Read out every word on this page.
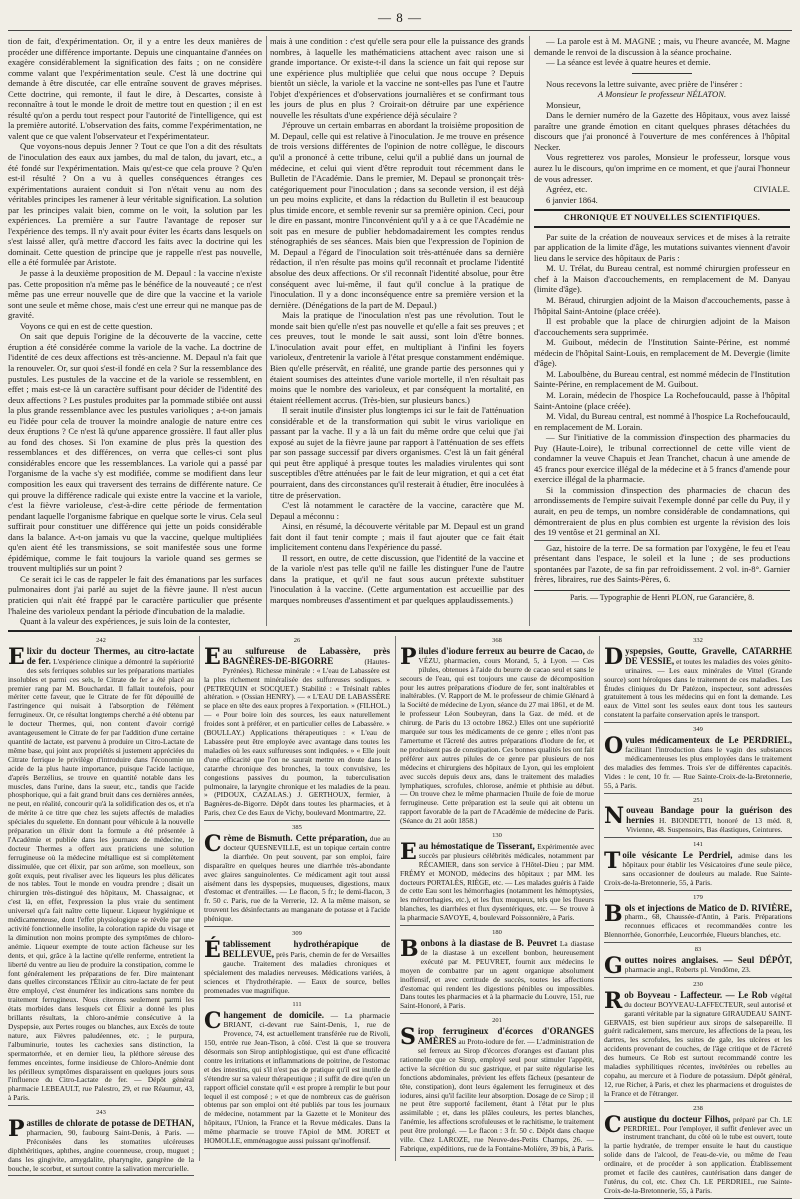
— 8 —

tion de fait, d'expérimentation. Or, il y a entre les deux manières de procéder une différence importante. Depuis une cinquantaine d'années on exagère considérablement la signification des faits ; on ne considère comme valant que l'expérimentation seule. C'est là une doctrine qui demande à être discutée, car elle entraîne souvent de graves méprises. Cette doctrine, qui remonte, il faut le dire, à Descartes, consiste à reconnaître à tout le monde le droit de mettre tout en question ; il en est résulté qu'on a perdu tout respect pour l'autorité de l'intelligence, qui est la première autorité. L'observation des faits, comme l'expérimentation, ne valent que ce que valent l'observateur et l'expérimentateur.

Que voyons-nous depuis Jenner ? Tout ce que l'on a dit des résultats de l'inoculation des eaux aux jambes, du mal de talon, du javart, etc., a été fondé sur l'expérimentation. Mais qu'est-ce que cela prouve ? Qu'en est-il résulté ? On a vu à quelles conséquences étranges ces expérimentations auraient conduit si l'on n'était venu au nom des véritables principes les ramener à leur véritable signification. La solution par les principes valait bien, comme on le voit, la solution par les expériences. La première a sur l'autre l'avantage de reposer sur l'expérience des temps. Il n'y avait pour éviter les écarts dans lesquels on s'est laissé aller, qu'à mettre d'accord les faits avec la doctrine qui les dominait. Cette question de principe que je rappelle n'est pas nouvelle, elle a été formulée par Aristote.

Je passe à la deuxième proposition de M. Depaul : la vaccine n'existe pas. Cette proposition n'a même pas le bénéfice de la nouveauté ; ce n'est même pas une erreur nouvelle que de dire que la vaccine et la variole sont une seule et même chose, mais c'est une erreur qui ne manque pas de gravité.

Voyons ce qui en est de cette question.

On sait que depuis l'origine de la découverte de la vaccine, cette éruption a été considérée comme la variole de la vache. La doctrine de l'identité de ces deux affections est très-ancienne. M. Depaul n'a fait que la renouveler. Or, sur quoi s'est-il fondé en cela ? Sur la ressemblance des pustules. Les pustules de la vaccine et de la variole se ressemblent, en effet ; mais est-ce là un caractère suffisant pour décider de l'identité des deux affections ? Les pustules produites par la pommade stibiée ont aussi la plus grande ressemblance avec les pustules varioliques ; a-t-on jamais eu l'idée pour cela de trouver la moindre analogie de nature entre ces deux éruptions ? Ce n'est là qu'une apparence grossière. Il faut aller plus au fond des choses. Si l'on examine de plus près la question des ressemblances et des différences, on verra que celles-ci sont plus considérables encore que les ressemblances. La variole qui a passé par l'organisme de la vache s'y est modifiée, comme se modifient dans leur composition les eaux qui traversent des terrains de différente nature. Ce qui prouve la différence radicale qui existe entre la vaccine et la variole, c'est la fièvre varioleuse, c'est-à-dire cette période de fermentation pendant laquelle l'organisme fabrique en quelque sorte le virus. Cela seul suffirait pour constituer une différence qui jette un poids considérable dans la balance. A-t-on jamais vu que la vaccine, quelque multipliées qu'en aient été les transmissions, se soit manifestée sous une forme épidémique, comme le fait toujours la variole quand ses germes se trouvent multipliés sur un point ?

Ce serait ici le cas de rappeler le fait des émanations par les surfaces pulmonaires dont j'ai parlé au sujet de la fièvre jaune. Il n'est aucun praticien qui n'ait été frappé par le caractère particulier que présente l'haleine des varioleux pendant la période d'incubation de la maladie.

Quant à la valeur des expériences, je suis loin de la contester,

mais à une condition : c'est qu'elle sera pour elle la puissance des grands nombres, à laquelle les mathématiciens attachent avec raison une si grande importance. Or existe-t-il dans la science un fait qui repose sur une expérience plus multipliée que celui que nous occupe ? Depuis bientôt un siècle, la variole et la vaccine ne sont-elles pas l'une et l'autre l'objet d'expériences et d'observations journalières et se confirmant tous les jours de plus en plus ? Croirait-on détruire par une expérience nouvelle les résultats d'une expérience déjà séculaire ?

J'éprouve un certain embarras en abordant la troisième proposition de M. Depaul, celle qui est relative à l'inoculation. Je me trouve en présence de trois versions différentes de l'opinion de notre collègue, le discours qu'il a prononcé à cette tribune, celui qu'il a publié dans un journal de médecine, et celui qui vient d'être reproduit tout récemment dans le Bulletin de l'Académie. Dans le premier, M. Depaul se prononçait très-catégoriquement pour l'inoculation ; dans sa seconde version, il est déjà un peu moins explicite, et dans la rédaction du Bulletin il est beaucoup plus timide encore, et semble revenir sur sa première opinion. Ceci, pour le dire en passant, montre l'inconvénient qu'il y a à ce que l'Académie ne soit pas en mesure de publier hebdomadairement les comptes rendus sténographiés de ses séances. Mais bien que l'expression de l'opinion de M. Depaul a l'égard de l'inoculation soit très-atténuée dans sa dernière rédaction, il n'en résulte pas moins qu'il reconnaît et proclame l'identité absolue des deux affections. Or s'il reconnaît l'identité absolue, pour être conséquent avec lui-même, il faut qu'il conclue à la pratique de l'inoculation. Il y a donc inconséquence entre sa première version et la dernière. (Dénégations de la part de M. Depaul.)

Mais la pratique de l'inoculation n'est pas une révolution. Tout le monde sait bien qu'elle n'est pas nouvelle et qu'elle a fait ses preuves ; et ces preuves, tout le monde le sait aussi, sont loin d'être bonnes. L'inoculation avait pour effet, en multipliant à l'infini les foyers varioleux, d'entretenir la variole à l'état presque constamment endémique. Bien qu'elle préservât, en réalité, une grande partie des personnes qui y étaient soumises des atteintes d'une variole mortelle, il n'en résultait pas moins que le nombre des varioleux, et par conséquent la mortalité, en étaient réellement accrus. (Très-bien, sur plusieurs bancs.)

Il serait inutile d'insister plus longtemps ici sur le fait de l'atténuation considérable et de la transformation qui subit le virus variolique en passant par la vache. Il y a là un fait du même ordre que celui que j'ai exposé au sujet de la fièvre jaune par rapport à l'atténuation de ses effets par son passage successif par divers organismes. C'est là un fait général qui peut être appliqué à presque toutes les maladies virulentes qui sont susceptibles d'être atténuées par le fait de leur migration, et qui a cet état pourraient, dans des circonstances qu'il resterait à étudier, être inoculées à titre de préservation.

C'est là notamment le caractère de la vaccine, caractère que M. Depaul a méconnu :

Ainsi, en résumé, la découverte véritable par M. Depaul est un grand fait dont il faut tenir compte ; mais il faut ajouter que ce fait était implicitement contenu dans l'expérience du passé.

Il ressort, en outre, de cette discussion, que l'identité de la vaccine et de la variole n'est pas telle qu'il ne faille les distinguer l'une de l'autre dans la pratique, et qu'il ne faut sous aucun prétexte substituer l'inoculation à la vaccine. (Cette argumentation est accueillie par des marques nombreuses d'assentiment et par quelques applaudissements.)

— La parole est à M. MAGNE ; mais, vu l'heure avancée, M. Magne demande le renvoi de la discussion à la séance prochaine.

— La séance est levée à quatre heures et demie.

Nous recevons la lettre suivante, avec prière de l'insérer :

A Monsieur le professeur NÉLATON.

Monsieur,

Dans le dernier numéro de la Gazette des Hôpitaux, vous avez laissé paraître une grande émotion en citant quelques phrases détachées du discours que j'ai prononcé à l'ouverture de mes conférences à l'hôpital Necker.

Vous regretterez vos paroles, Monsieur le professeur, lorsque vous aurez lu le discours, qu'on imprime en ce moment, et que j'aurai l'honneur de vous adresser.

Agréez, etc.	CIVIALE.

6 janvier 1864.

CHRONIQUE ET NOUVELLES SCIENTIFIQUES.

Par suite de la création de nouveaux services et de mises à la retraite par application de la limite d'âge, les mutations suivantes viennent d'avoir lieu dans le service des hôpitaux de Paris :

M. U. Trélat, du Bureau central, est nommé chirurgien professeur en chef à la Maison d'accouchements, en remplacement de M. Danyau (limite d'âge).

M. Béraud, chirurgien adjoint de la Maison d'accouchements, passe à l'hôpital Saint-Antoine (place créée).

Il est probable que la place de chirurgien adjoint de la Maison d'accouchements sera supprimée.

M. Guibout, médecin de l'Institution Sainte-Périne, est nommé médecin de l'hôpital Saint-Louis, en remplacement de M. Devergie (limite d'âge).

M. Laboulbène, du Bureau central, est nommé médecin de l'Institution Sainte-Périne, en remplacement de M. Guibout.

M. Lorain, médecin de l'hospice La Rochefoucauld, passe à l'hôpital Saint-Antoine (place créée).

M. Vidal, du Bureau central, est nommé à l'hospice La Rochefoucauld, en remplacement de M. Lorain.

— Sur l'initiative de la commission d'inspection des pharmacies du Puy (Haute-Loire), le tribunal correctionnel de cette ville vient de condamner la veuve Chapuis et Jean Tranchet, chacun à une amende de 45 francs pour exercice illégal de la médecine et à 5 francs d'amende pour exercice illégal de la pharmacie.

Si la commission d'inspection des pharmacies de chacun des arrondissements de l'empire suivait l'exemple donné par celle du Puy, il y aurait, en peu de temps, un nombre considérable de condamnations, qui démontreraient de plus en plus combien est urgente la révision des lois des 19 ventôse et 21 germinal an XI.

Gaz, histoire de la terre. De sa formation par l'oxygène, le feu et l'eau présentant dans l'espace, le soleil et la lune ; de ses productions spontanées par l'azote, de sa fin par refroidissement. 2 vol. in-8°. Garnier frères, libraires, rue des Saints-Pères, 6.

Paris. — Typographie de Henri PLON, rue Garancière, 8.
242
Elixir du docteur Thermes, au citro-lactate de fer. L'expérience clinique a démontré la supériorité des sels ferriques solubles sur les préparations martiales insolubles et parmi ces sels, le Citrate de fer a été placé au premier rang par M. Bouchardat. Il fallait toutefois, pour mériter cette faveur, que le Citrate de fer fût dépouillé de l'astringence qui nuisait à l'absorption de l'élément ferrugineux. Or, ce résultat longtemps cherché a été obtenu par le docteur Thermes, qui, non content d'avoir corrigé avantageusement le Citrate de fer par l'addition d'une certaine quantité de lactate, est parvenu à produire un Citro-Lactate de même base, qui joint aux propriétés si justement appréciées du Citrate ferrique le privilège d'introduire dans l'économie un acide de la plus haute importance, puisque l'acide lactique, d'après Berzélius, se trouve en quantité notable dans les muscles, dans l'urine, dans la sueur, etc., tandis que l'acide phosphorique, qui a fait grand bruit dans ces dernières années, ne peut, en réalité, concourir qu'à la solidification des os, et n'a de mérite à ce titre que chez les sujets affectés de maladies spéciales du squelette. En donnant pour véhicule à la nouvelle préparation un élixir dont la formule a été présentée à l'Académie et publiée dans les journaux de médecine, le docteur Thermes a offert aux praticiens une solution ferrugineuse où la médecine métallique est si complètement dissimulée, que cet élixir, par son arôme, son moelleux, son goût exquis, peut rivaliser avec les liqueurs les plus délicates de nos tables. Tout le monde en voudra prendre ; disait un chirurgien très-distingué des hôpitaux, M. Chassaignac, et c'est là, en effet, l'expression la plus vraie du sentiment universel qu'a fait naître cette liqueur. Liqueur hygiénique et médicamenteuse, dont l'effet physiologique se révèle par une activité fonctionnelle insolite, la coloration rapide du visage et la diminution non moins prompte des symptômes de chloro-anémie. Liqueur exempte de toute action fâcheuse sur les dents, et qui, grâce à la lactine qu'elle renferme, entretient la liberté du ventre au lieu de produire la constipation, comme le font généralement les préparations de fer. Dire maintenant dans quelles circonstances l'Élixir au citro-lactate de fer peut être employé, c'est énumérer les indications sans nombre du traitement ferrugineux. Nous citerons seulement parmi les états morbides dans lesquels cet Élixir a donné les plus brillants résultats, la chloro-anémie consécutive à la Dyspepsie, aux Pertes rouges ou blanches, aux Excès de toute nature, aux Fièvres paludéennes, etc. ; le purpura, l'albuminurie, toutes les cachexies sans distinction, la spermatorrhée, et en dernier lieu, la pléthore séreuse des femmes enceintes, forme insidieuse de Chloro-Anémie dont les périlleux symptômes disparaissent en quelques jours sous l'influence du Citro-Lactate de fer. — Dépôt général pharmacie LEBEAULT, rue Palestro, 29, et rue Réaumur, 43, à Paris.
243
Pastilles de chlorate de potasse de DETHAN, pharmacien, 90, faubourg Saint-Denis, à Paris. — Préconisées dans les stomatites ulcéreuses diphthéritiques, aphthes, angine couenneuse, croup, muguet ; dans les gingivite, amygdalite, pharyngite, gangrène de la bouche, le scorbut, et surtout contre la salivation mercurielle.
26
Eau sulfureuse de Labassère, près BAGNÈRES-DE-BIGORRE	(Hautes-Pyrénées). Richesse minérale : « L'eau de Labassère est la plus richement minéralisée des sulfureuses sodiques. » (PETREQUIN et SOCQUET.) Stabilité : « Trésinalt rables altération. » (Ossian HENRY). — « L'EAU DE LABASSÈRE se place en tête des eaux propres à l'exportation. » (FILHOL.) — « Pour boire loin des sources, les eaux naturellement froides sont à préférer, et en particulier celles de Labassère. » (BOULLAY.) Applications thérapeutiques : « L'eau de Labassère peut être employée avec avantage dans toutes les maladies où les eaux sulfureuses sont indiquées. » « Elle jouit d'une efficacité que l'on ne saurait mettre en doute dans le catarrhe chronique des bronches, la toux convulsive, les congestions passives du poumon, la tuberculisation pulmonaire, la laryngite chronique et les maladies de la peau. » (PIDOUX, CAZALAS.) J. GERTHOUX, fermier, à Bagnères-de-Bigorre. Dépôt dans toutes les pharmacies, et à Paris, chez Ce des Eaux de Vichy, boulevard Montmartre, 22.
385
Crème de Bismuth. Cette préparation, due au docteur QUESNEVILLE, est un topique certain contre la diarrhée. On peut souvent, par son emploi, faire disparaître en quelques heures une diarrhée très-abondante avec glaires sanguinolentes. Ce médicament agit tout aussi aisément dans les dyspepsies, muqueuses, digestions, maux d'estomac et d'entrailles. — Le flacon, 5 fr.; le demi-flacon, 3 fr. 50 c. Paris, rue de la Verrerie, 12. A la même maison, se trouvent les désinfectants au manganate de potasse et à l'acide phénique.
309
Établissement hydrothérapique de BELLEVUE, près Paris, chemin de fer de Versailles gauche. Traitement des maladies chroniques et spécialement des maladies nerveuses. Médications variées, à sciences et l'hydrothérapie. — Eaux de source, belles promenades vue magnifique.
111
Changement de domicile. — La pharmacie BRIANT, ci-devant rue Saint-Denis, 1, rue de Provence, 74, est actuellement transférée rue de Rivoli, 150, entrée rue Jean-Tison, à côté. C'est là que se trouvera désormais son Sirop antiphlogistique, qui est d'une efficacité contre les irritations et inflammations de poitrine, de l'estomac et des intestins, qui s'il n'est pas de pratique qu'il est inutile de s'étendre sur sa valeur thérapeutique ; il suffit de dire qu'en un rapport officiel constate qu'il « est propre à remplir le but pour lequel il est composé ; » et que de nombreux cas de guérison obtenus par son emploi ont été publiés par tous les journaux de médecine, notamment par la Gazette et le Moniteur des hôpitaux, l'Union, la France et la Revue médicales. Dans la même pharmacie se trouve l'Apiol de MM. JORET et HOMOLLE, emménagogue aussi puissant qu'inoffensif.
368
Pilules d'iodure ferreux au beurre de Cacao, de VÉZU, pharmacien, cours Morand, 5, à Lyon. — Ces pilules, obtenues à l'aide du beurre de cacao seul et sans le secours de l'eau, qui est toujours une cause de décomposition pour les autres préparations d'iodure de fer, sont inaltérables et inaltérables. (V. Rapport de M. le professeur de chimie Glénard à la Société de médecine de Lyon, séance du 27 mai 1861, et de M. le professeur Léon Soubeyran, dans la Gaz. de méd. et de chirurg. de Paris du 13 octobre 1862.) Elles ont une supériorité marquée sur tous les médicaments de ce genre ; elles n'ont pas l'amertume et l'âcreté des autres préparations d'iodure de fer, et ne produisent pas de constipation. Ces bonnes qualités les ont fait préférer aux autres pilules de ce genre par plusieurs de nos médecins et chirurgiens des hôpitaux de Lyon, qui les emploient avec succès depuis deux ans, dans le traitement des maladies lymphatiques, scrofules, chlorose, anémie et phthisie au début. — On trouve chez le même pharmacien l'huile de foie de morue ferrugineuse. Cette préparation est la seule qui ait obtenu un rapport favorable de la part de l'Académie de médecine de Paris. (Séance du 21 août 1858.)
130
Eau hémostatique de Tisserant, Expérimentée avec succès par plusieurs célébrités médicales, notamment par RÉCAMIER, dans son service à l'Hôtel-Dieu ; par MM. FRÉMY et MONOD, médecins des hôpitaux ; par MM. les docteurs PORTALÈS, RIÈGE, etc. — Les malades guéris à l'aide de cette Eau sont les hémorrhagies (notamment les hémoptysies, les métrorrhagies, etc.), et les flux muqueux, tels que les flueurs blanches, les diarrhées et flux dysentériques, etc. — Se trouve à la pharmacie SAVOYE, 4, boulevard Poissonnière, à Paris.
180
Bonbons à la diastase de B. Peuvret La diastase de la diastase à un excellent bonbon, heureusement exécuté par M. PEUVRET, fournit aux médecins le moyen de combattre par un agent organique absolument inoffensif, et avec certitude de succès, toutes les affections d'estomac qui rendent les digestions pénibles ou impossibles. Dans toutes les pharmacies et à la pharmacie du Louvre, 151, rue Saint-Honoré, à Paris.
201
Sirop ferrugineux d'écorces d'ORANGES AMÈRES au Proto-iodure de fer. — L'administration de sel ferreux au Sirop d'écorces d'oranges est d'autant plus rationnelle que ce Sirop, employé seul pour stimuler l'appétit, active la sécrétion du suc gastrique, et par suite régularise les fonctions abdominales, prévient les effets fâcheux (pesanteur de tête, constipation), dont leurs également les ferrugineux et des iodures, ainsi qu'il facilite leur absorption. Dosage de ce Sirop ; il ne peut être supporté facilement, étant à l'état pur le plus assimilable ; et, dans les plâles couleurs, les pertes blanches, l'anémie, les affections scrofuleuses et le rachitisme, le traitement peut être prolongé. — Le flacon : 3 fr. 50 c. Dépôt dans chaque ville. Chez LAROZE, rue Neuve-des-Petits Champs, 26. — Fabrique, expéditions, rue de la Fontaine-Molière, 39 bis, à Paris.
332
Dyspepsies, Goutte, Gravelle, CATARRHE DE VESSIE, et toutes les maladies des voies génito-urinaires. — Les eaux minérales de Vittel (Grande source) sont héroïques dans le traitement de ces maladies. Les Études cliniques du Dr Patézon, inspecteur, sont adressées gratuitement à tous les médecins qui en font la demande. Les eaux de Vittel sont les seules eaux dont tous les sauteurs constatent la parfaite conservation après le transport.
349
Ovules médicamenteux de Le PERDRIEL, facilitant l'introduction dans le vagin des substances médicamenteuses les plus employées dans le traitement des maladies des femmes. Trois s'er de différentes capacités. Vides : le cent, 10 fr. — Rue Sainte-Croix-de-la-Bretonnerie, 55, à Paris.
251
Nouveau Bandage pour la guérison des hernies H. BIONDETTI, honoré de 13 méd. 8, Vivienne, 48. Suspensoirs, Bas élastiques, Ceintures.
141
Toile vésicante Le Perdriel, admise dans les hôpitaux pour établir les Vésicatoires d'une seule pièce, sans occasionner de douleurs au malade. Rue Sainte-Croix-de-la-Bretonnerie, 55, à Paris.
179
Bols et injections de Matico de D. RIVIÈRE, pharm., 68, Chaussée-d'Antin, à Paris. Préparations reconnues efficaces et recommandées contre les Blennorrhée, Gonorrhée, Leucorrhée, Flueurs blanches, etc.
83
Gouttes noires anglaises. — Seul DÉPÔT, pharmacie angl., Roberts pl. Vendôme, 23.
230
Rob Boyveau - Laffecteur. — Le Rob végétal du docteur BOYVEAU-LAFFECTEUR, seul autorisé et garanti véritable par la signature GIRAUDEAU SAINT-GERVAIS, est bien supérieur aux sirops de salsepareille. Il guérit radicalement, sans mercure, les affections de la peau, les dartres, les scrofules, les suites de gale, les ulcères et les accidents provenant de couches, de l'âge critique et de l'âcreté des humeurs. Ce Rob est surtout recommandé contre les maladies syphilitiques récentes, invétérées ou rebelles au copahu, au mercure et à l'iodure de potassium. Dépôt général, 12, rue Richer, à Paris, et chez les pharmaciens et droguistes de la France et de l'étranger.
238
Caustique du docteur Filhos, préparé par Ch. LE PERDRIEL. Pour l'employer, il suffit d'enlever avec un instrument tranchant, du côté où le tube est ouvert, toute la partie hydratée, de tremper ensuite le haut du caustique solide dans de l'alcool, de l'eau-de-vie, ou même de l'eau ordinaire, et de procéder à son application. Établissement promet et facile des cautères, cautérisation dans danger de l'utérus, du col, etc. Chez Ch. LE PERDRIEL, rue Sainte-Croix-de-la-Bretonnerie, 55, à Paris.
